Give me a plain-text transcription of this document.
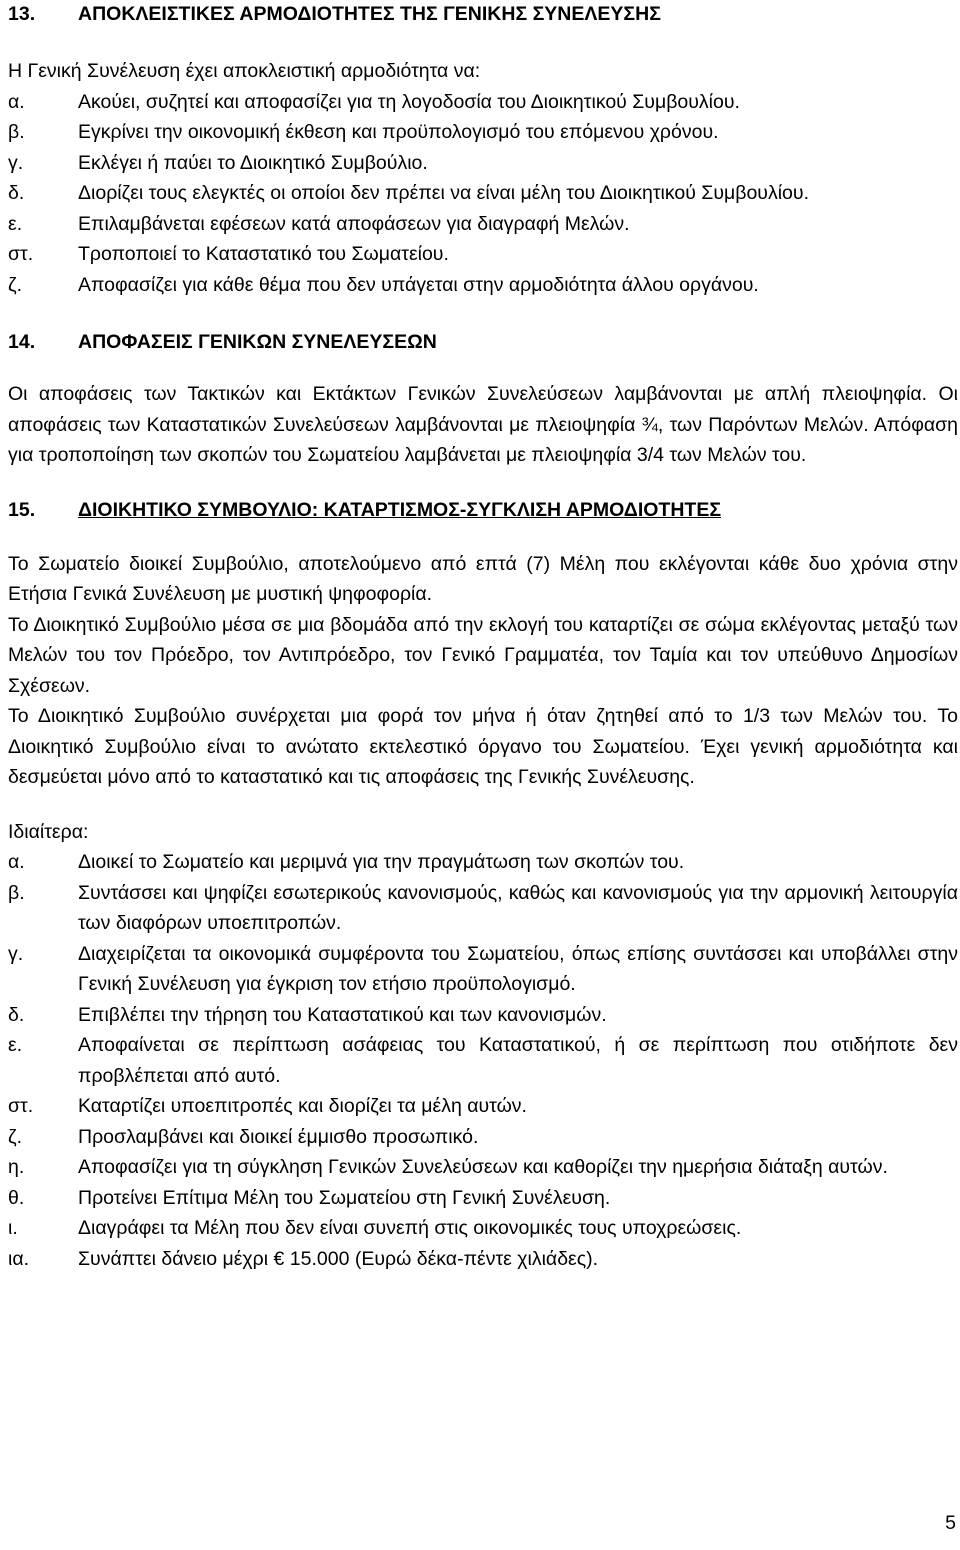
13.	ΑΠΟΚΛΕΙΣΤΙΚΕΣ ΑΡΜΟΔΙΟΤΗΤΕΣ ΤΗΣ ΓΕΝΙΚΗΣ ΣΥΝΕΛΕΥΣΗΣ
Η Γενική Συνέλευση έχει αποκλειστική αρμοδιότητα να:
α.	Ακούει, συζητεί και αποφασίζει για τη λογοδοσία του Διοικητικού Συμβουλίου.
β.	Εγκρίνει την οικονομική έκθεση και προϋπολογισμό του επόμενου χρόνου.
γ.	Εκλέγει ή παύει το Διοικητικό Συμβούλιο.
δ.	Διορίζει τους ελεγκτές οι οποίοι δεν πρέπει να είναι μέλη του Διοικητικού Συμβουλίου.
ε.	Επιλαμβάνεται εφέσεων κατά αποφάσεων για διαγραφή Μελών.
στ.	Τροποποιεί το Καταστατικό του Σωματείου.
ζ.	Αποφασίζει για κάθε θέμα που δεν υπάγεται στην αρμοδιότητα άλλου οργάνου.
14.	ΑΠΟΦΑΣΕΙΣ ΓΕΝΙΚΩΝ ΣΥΝΕΛΕΥΣΕΩΝ
Οι αποφάσεις των Τακτικών και Εκτάκτων Γενικών Συνελεύσεων λαμβάνονται με απλή πλειοψηφία. Οι αποφάσεις των Καταστατικών Συνελεύσεων λαμβάνονται με πλειοψηφία ¾, των Παρόντων Μελών. Απόφαση για τροποποίηση των σκοπών του Σωματείου λαμβάνεται με πλειοψηφία 3/4 των Μελών του.
15.	ΔΙΟΙΚΗΤΙΚΟ ΣΥΜΒΟΥΛΙΟ: ΚΑΤΑΡΤΙΣΜΟΣ-ΣΥΓΚΛΙΣΗ ΑΡΜΟΔΙΟΤΗΤΕΣ
Το Σωματείο διοικεί Συμβούλιο, αποτελούμενο από επτά (7) Μέλη που εκλέγονται κάθε δυο χρόνια στην Ετήσια Γενικά Συνέλευση με μυστική ψηφοφορία.
Το Διοικητικό Συμβούλιο μέσα σε μια βδομάδα από την εκλογή του καταρτίζει σε σώμα εκλέγοντας μεταξύ των Μελών του τον Πρόεδρο, τον Αντιπρόεδρο, τον Γενικό Γραμματέα, τον Ταμία και τον υπεύθυνο Δημοσίων Σχέσεων.
Το Διοικητικό Συμβούλιο συνέρχεται μια φορά τον μήνα ή όταν ζητηθεί από το 1/3 των Μελών του. Το Διοικητικό Συμβούλιο είναι το ανώτατο εκτελεστικό όργανο του Σωματείου. Έχει γενική αρμοδιότητα και δεσμεύεται μόνο από το καταστατικό και τις αποφάσεις της Γενικής Συνέλευσης.
Ιδιαίτερα:
α.	Διοικεί το Σωματείο και μεριμνά για την πραγμάτωση των σκοπών του.
β.	Συντάσσει και ψηφίζει εσωτερικούς κανονισμούς, καθώς και κανονισμούς για την αρμονική λειτουργία των διαφόρων υποεπιτροπών.
γ.	Διαχειρίζεται τα οικονομικά συμφέροντα του Σωματείου, όπως επίσης συντάσσει και υποβάλλει στην Γενική Συνέλευση για έγκριση τον ετήσιο προϋπολογισμό.
δ.	Επιβλέπει την τήρηση του Καταστατικού και των κανονισμών.
ε.	Αποφαίνεται σε περίπτωση ασάφειας του Καταστατικού, ή σε περίπτωση που οτιδήποτε δεν προβλέπεται από αυτό.
στ.	Καταρτίζει υποεπιτροπές και διορίζει τα μέλη αυτών.
ζ.	Προσλαμβάνει και διοικεί έμμισθο προσωπικό.
η.	Αποφασίζει για τη σύγκληση Γενικών Συνελεύσεων και καθορίζει την ημερήσια διάταξη αυτών.
θ.	Προτείνει Επίτιμα Μέλη του Σωματείου στη Γενική Συνέλευση.
ι.	Διαγράφει τα Μέλη που δεν είναι συνεπή στις οικονομικές τους υποχρεώσεις.
ια.	Συνάπτει δάνειο μέχρι € 15.000 (Ευρώ δέκα-πέντε χιλιάδες).
5
